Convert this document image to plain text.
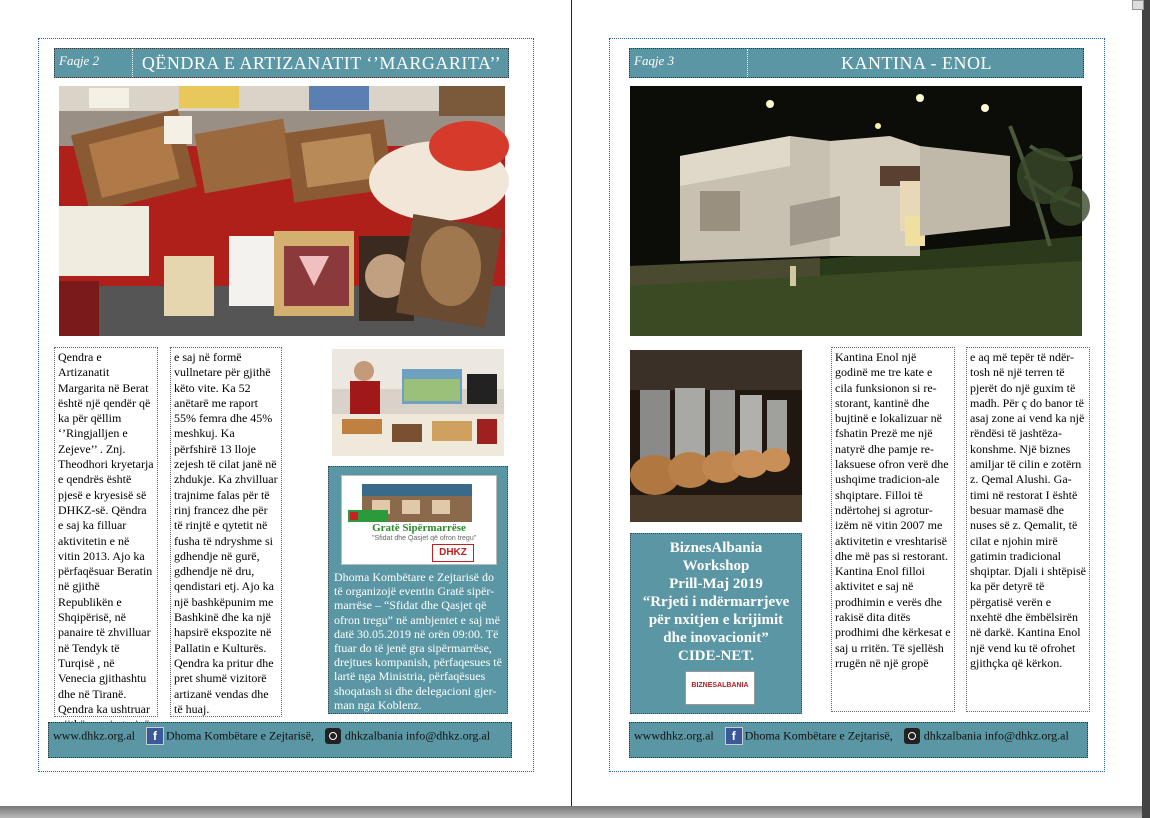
Faqje 2	QËNDRA E ARTIZANATIT ‘’MARGARITA’’
Qendra e Artizanatit Margarita në Berat është një qendër që ka për qëllim ‘’Ringjalljen e Zejeve’’ . Znj. Theodhori kryetarja e qendrës është pjesë e kryesisë së DHKZ-së. Qëndra e saj ka filluar aktivitetin e në vitin 2013. Ajo ka përfaqësuar Beratin në gjithë Republikën e Shqipërisë, në panaire të zhvilluar në Tendyk të Turqisë , në Venecia gjithashtu dhe në Tiranë. Qendra ka ushtruar
e saj në formë vullnetare për gjithë këto vite. Ka 52 anëtarë me raport 55% femra dhe 45% meshkuj. Ka përfshirë 13 lloje zejesh të cilat janë në zhdukje. Ka zhvilluar trajnime falas për të rinj francez dhe për të rinjtë e qytetit në fusha të ndryshme si gdhendje në gurë, gdhendje në dru, qendistari etj. Ajo ka një bashkëpunim me Bashkinë dhe ka një hapsirë ekspozite në Pallatin e Kulturës. Qendra ka pritur dhe pret shumë vizitorë artizanë vendas dhe të huaj.
Gratë Sipërmarrëse
"Sfidat dhe Qasjet që ofron tregu"
DHKZ
Dhoma Kombëtare e Zejtarisë do të organizojë eventin Gratë sipër-marrëse – “Sfidat dhe Qasjet që ofron tregu” në ambjentet e saj më datë 30.05.2019 në orën 09:00. Të ftuar do të jenë gra sipërmarrëse, drejtues kompanish, përfaqesues të lartë nga Ministria, përfaqësues shoqatash si dhe delegacioni gjer-man nga Koblenz.
www.dhkz.org.al f Dhoma Kombëtare e Zejtarisë,	dhkzalbania info@dhkz.org.al
Faqje 3	KANTINA - ENOL
BiznesAlbania
Workshop
Prill-Maj 2019
“Rrjeti i ndërmarrjeve
për nxitjen e krijimit
dhe inovacionit”
CIDE-NET.
BIZNESALBANIA
Kantina Enol një godinë me tre kate e cila funksionon si re-storant, kantinë dhe bujtinë e lokalizuar në fshatin Prezë me një natyrë dhe pamje re-laksuese ofron verë dhe ushqime tradicion-ale shqiptare. Filloi të ndërtohej si agrotur-izëm në vitin 2007 me aktivitetin e vreshtarisë dhe më pas si restorant. Kantina Enol filloi aktivitet e saj në prodhimin e verës dhe rakisë dita ditës prodhimi dhe kërkesat e saj u rritën. Të sjellësh rrugën në një gropë
e aq më tepër të ndër-tosh në një terren të pjerët do një guxim të madh. Për ç do banor të asaj zone ai vend ka një rëndësi të jashtëza-konshme. Një biznes amiljar të cilin e zotërn z. Qemal Alushi. Ga-timi në restorat I është besuar mamasë dhe nuses së z. Qemalit, të cilat e njohin mirë gatimin tradicional shqiptar. Djali i shtëpisë ka për detyrë të përgatisë verën e nxehtë dhe ëmbëlsirën në darkë. Kantina Enol një vend ku të ofrohet gjithçka që kërkon.
wwwdhkz.org.al f Dhoma Kombëtare e Zejtarisë,	dhkzalbania info@dhkz.org.al
